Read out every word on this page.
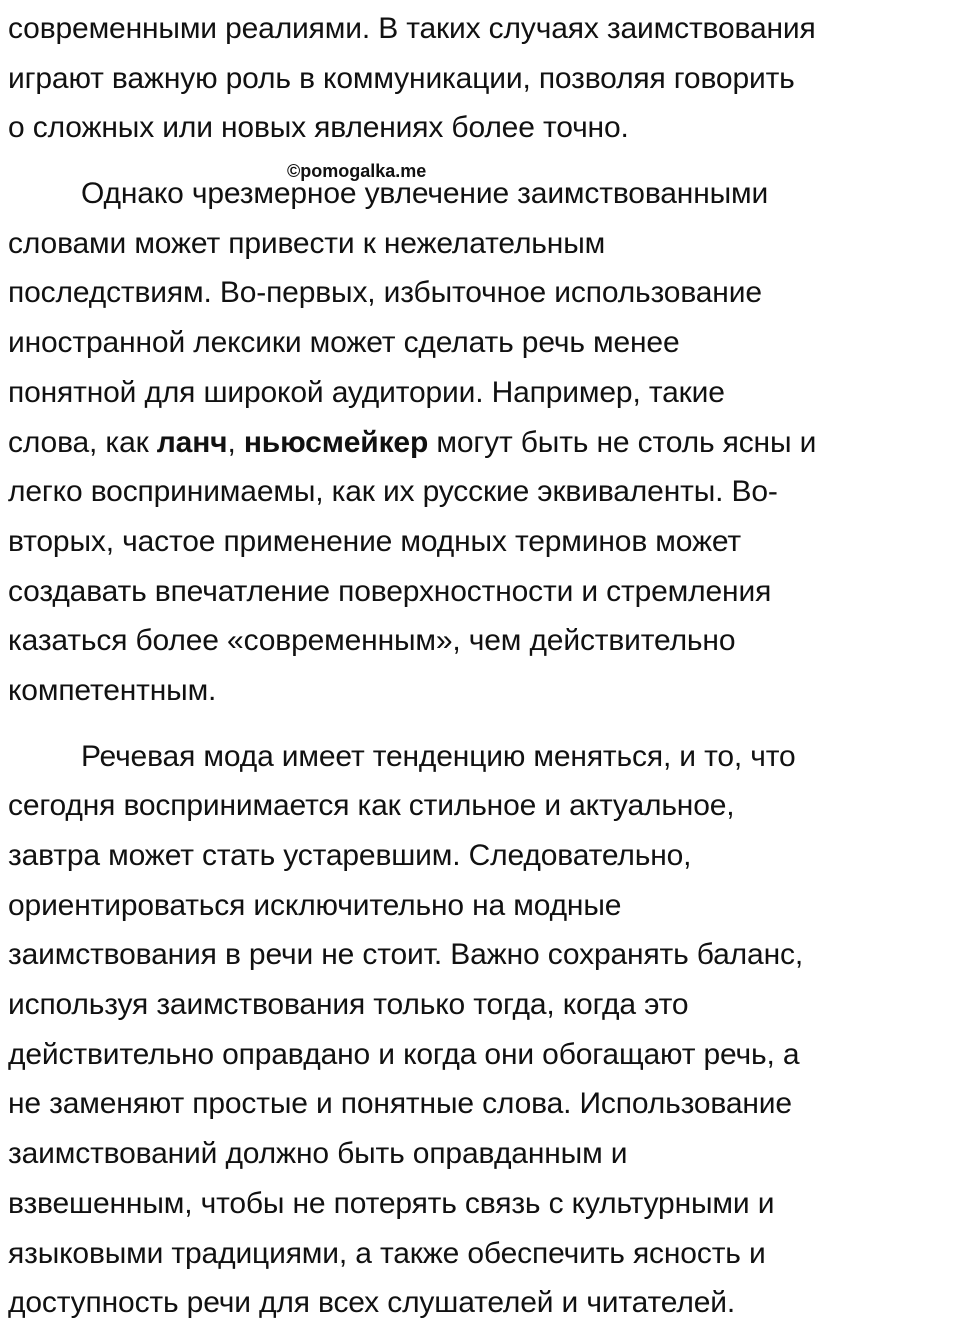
©pomogalka.me
современными реалиями. В таких случаях заимствования
играют важную роль в коммуникации, позволяя говорить
о сложных или новых явлениях более точно.
Однако чрезмерное увлечение заимствованными
словами может привести к нежелательным
последствиям. Во-первых, избыточное использование
иностранной лексики может сделать речь менее
понятной для широкой аудитории. Например, такие
слова, как ланч, ньюсмейкер могут быть не столь ясны и
легко воспринимаемы, как их русские эквиваленты. Во-
вторых, частое применение модных терминов может
создавать впечатление поверхностности и стремления
казаться более «современным», чем действительно
компетентным.
Речевая мода имеет тенденцию меняться, и то, что
сегодня воспринимается как стильное и актуальное,
завтра может стать устаревшим. Следовательно,
ориентироваться исключительно на модные
заимствования в речи не стоит. Важно сохранять баланс,
используя заимствования только тогда, когда это
действительно оправдано и когда они обогащают речь, а
не заменяют простые и понятные слова. Использование
заимствований должно быть оправданным и
взвешенным, чтобы не потерять связь с культурными и
языковыми традициями, а также обеспечить ясность и
доступность речи для всех слушателей и читателей.
